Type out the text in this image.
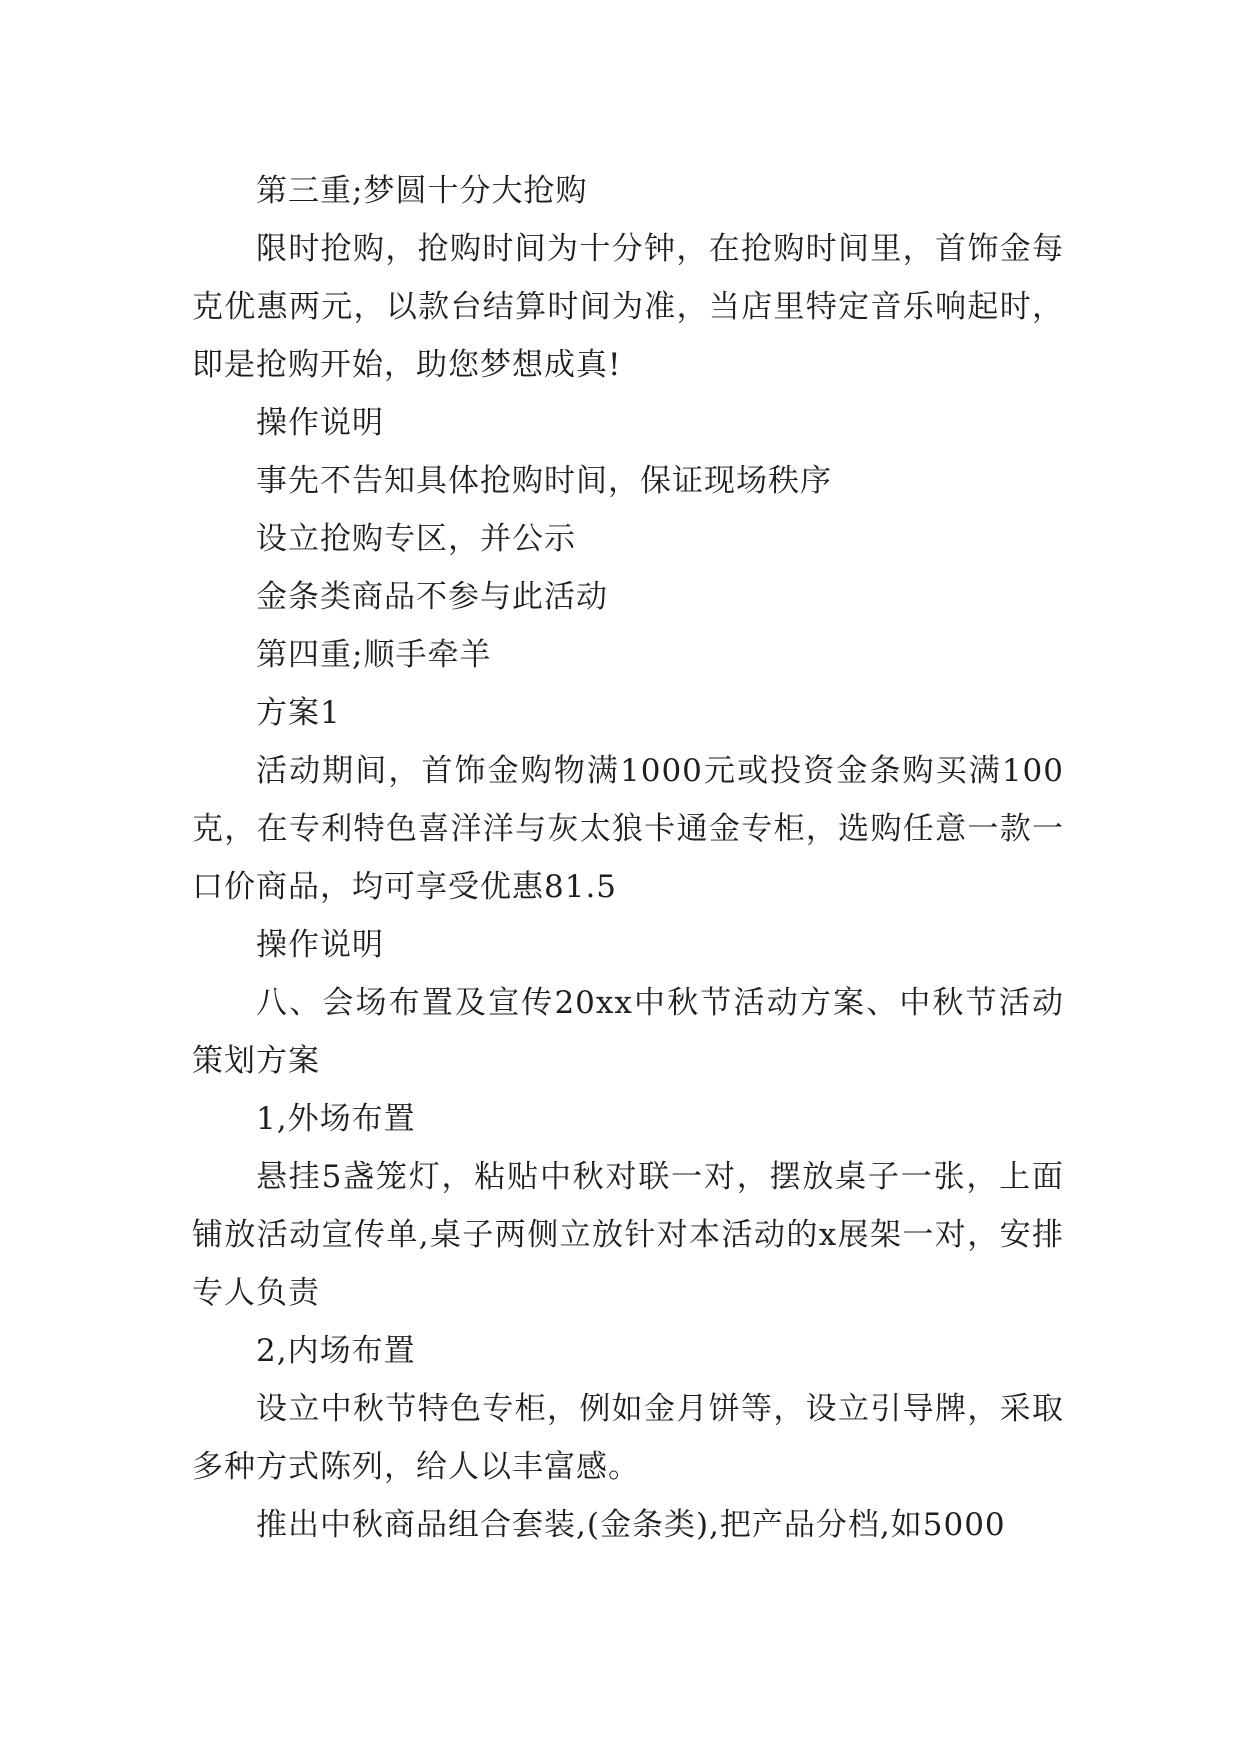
第三重;梦圆十分大抢购

限时抢购，抢购时间为十分钟，在抢购时间里，首饰金每克优惠两元，以款台结算时间为准，当店里特定音乐响起时，即是抢购开始，助您梦想成真!

操作说明

事先不告知具体抢购时间，保证现场秩序

设立抢购专区，并公示

金条类商品不参与此活动

第四重;顺手牵羊

方案1

活动期间，首饰金购物满1000元或投资金条购买满100克，在专利特色喜洋洋与灰太狼卡通金专柜，选购任意一款一口价商品，均可享受优惠81.5

操作说明

八、会场布置及宣传20xx中秋节活动方案、中秋节活动策划方案

1,外场布置

悬挂5盏笼灯，粘贴中秋对联一对，摆放桌子一张，上面铺放活动宣传单,桌子两侧立放针对本活动的x展架一对，安排专人负责

2,内场布置

设立中秋节特色专柜，例如金月饼等，设立引导牌，采取多种方式陈列，给人以丰富感。

推出中秋商品组合套装,(金条类),把产品分档,如5000
